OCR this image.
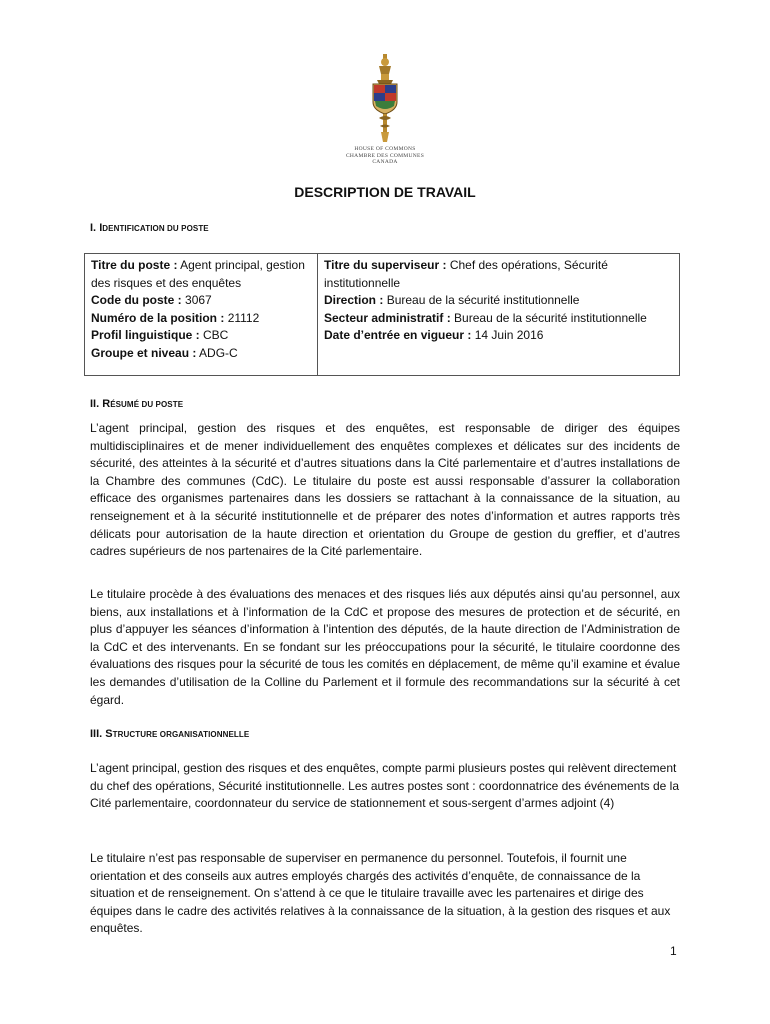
HOUSE OF COMMONS
CHAMBRE DES COMMUNES
CANADA
DESCRIPTION DE TRAVAIL
I. IDENTIFICATION DU POSTE
Titre du poste : Agent principal, gestion des risques et des enquêtes
Code du poste : 3067
Numéro de la position : 21112
Profil linguistique : CBC
Groupe et niveau : ADG-C

Titre du superviseur : Chef des opérations, Sécurité institutionnelle
Direction : Bureau de la sécurité institutionnelle
Secteur administratif : Bureau de la sécurité institutionnelle
Date d’entrée en vigueur : 14 Juin 2016
II. RÉSUMÉ DU POSTE

L’agent principal, gestion des risques et des enquêtes, est responsable de diriger des équipes multidisciplinaires et de mener individuellement des enquêtes complexes et délicates sur des incidents de sécurité, des atteintes à la sécurité et d’autres situations dans la Cité parlementaire et d’autres installations de la Chambre des communes (CdC). Le titulaire du poste est aussi responsable d’assurer la collaboration efficace des organismes partenaires dans les dossiers se rattachant à la connaissance de la situation, au renseignement et à la sécurité institutionnelle et de préparer des notes d’information et autres rapports très délicats pour autorisation de la haute direction et orientation du Groupe de gestion du greffier, et d’autres cadres supérieurs de nos partenaires de la Cité parlementaire.

Le titulaire procède à des évaluations des menaces et des risques liés aux députés ainsi qu’au personnel, aux biens, aux installations et à l’information de la CdC et propose des mesures de protection et de sécurité, en plus d’appuyer les séances d’information à l’intention des députés, de la haute direction de l’Administration de la CdC et des intervenants. En se fondant sur les préoccupations pour la sécurité, le titulaire coordonne des évaluations des risques pour la sécurité de tous les comités en déplacement, de même qu’il examine et évalue les demandes d’utilisation de la Colline du Parlement et il formule des recommandations sur la sécurité à cet égard.

III. STRUCTURE ORGANISATIONNELLE

L’agent principal, gestion des risques et des enquêtes, compte parmi plusieurs postes qui relèvent directement du chef des opérations, Sécurité institutionnelle. Les autres postes sont : coordonnatrice des événements de la Cité parlementaire, coordonnateur du service de stationnement et sous-sergent d’armes adjoint (4)

Le titulaire n’est pas responsable de superviser en permanence du personnel. Toutefois, il fournit une orientation et des conseils aux autres employés chargés des activités d’enquête, de connaissance de la situation et de renseignement. On s’attend à ce que le titulaire travaille avec les partenaires et dirige des équipes dans le cadre des activités relatives à la connaissance de la situation, à la gestion des risques et aux enquêtes.

1
